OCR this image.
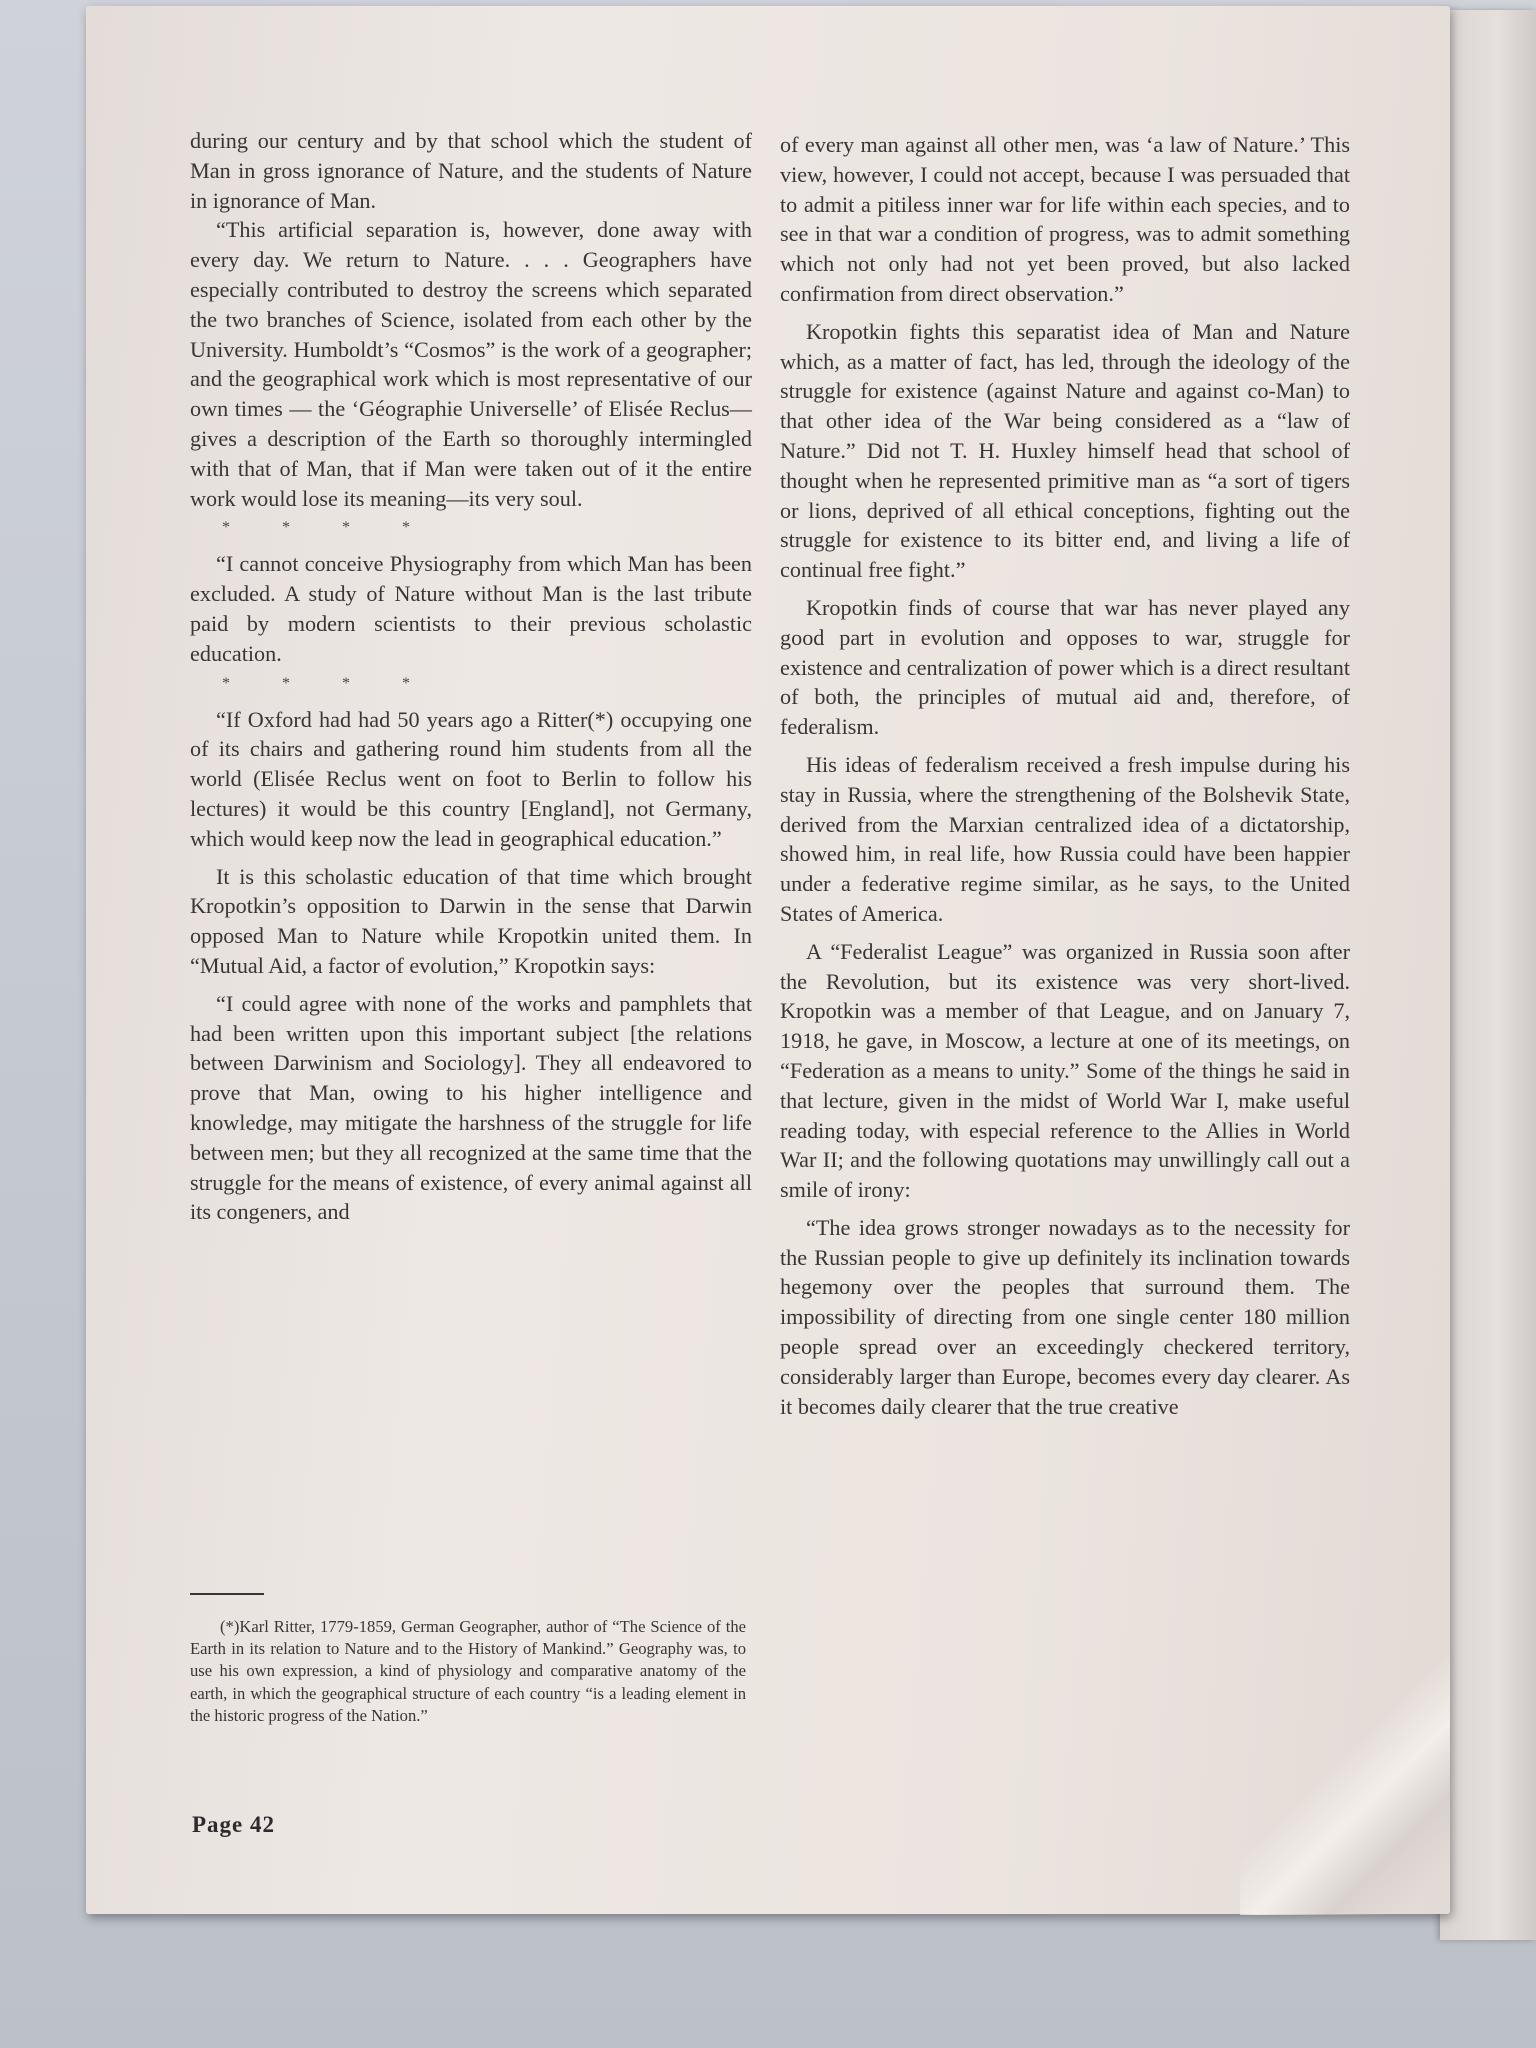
during our century and by that school which the student of Man in gross ignorance of Nature, and the students of Nature in ignorance of Man.

“This artificial separation is, however, done away with every day. We return to Nature. . . . Geographers have especially contributed to destroy the screens which separated the two branches of Science, isolated from each other by the University. Humboldt’s “Cosmos” is the work of a geographer; and the geographical work which is most representative of our own times — the ‘Géographie Universelle’ of Elisée Reclus—gives a description of the Earth so thoroughly intermingled with that of Man, that if Man were taken out of it the entire work would lose its meaning—its very soul.

* * * *

“I cannot conceive Physiography from which Man has been excluded. A study of Nature without Man is the last tribute paid by modern scientists to their previous scholastic education.

* * * *

“If Oxford had had 50 years ago a Ritter(*) occupying one of its chairs and gathering round him students from all the world (Elisée Reclus went on foot to Berlin to follow his lectures) it would be this country [England], not Germany, which would keep now the lead in geographical education.”

It is this scholastic education of that time which brought Kropotkin’s opposition to Darwin in the sense that Darwin opposed Man to Nature while Kropotkin united them. In “Mutual Aid, a factor of evolution,” Kropotkin says:

“I could agree with none of the works and pamphlets that had been written upon this important subject [the relations between Darwinism and Sociology]. They all endeavored to prove that Man, owing to his higher intelligence and knowledge, may mitigate the harshness of the struggle for life between men; but they all recognized at the same time that the struggle for the means of existence, of every animal against all its congeners, and

(*)Karl Ritter, 1779-1859, German Geographer, author of “The Science of the Earth in its relation to Nature and to the History of Mankind.” Geography was, to use his own expression, a kind of physiology and comparative anatomy of the earth, in which the geographical structure of each country “is a leading element in the historic progress of the Nation.”

Page 42

of every man against all other men, was ‘a law of Nature.’ This view, however, I could not accept, because I was persuaded that to admit a pitiless inner war for life within each species, and to see in that war a condition of progress, was to admit something which not only had not yet been proved, but also lacked confirmation from direct observation.”

Kropotkin fights this separatist idea of Man and Nature which, as a matter of fact, has led, through the ideology of the struggle for existence (against Nature and against co-Man) to that other idea of the War being considered as a “law of Nature.” Did not T. H. Huxley himself head that school of thought when he represented primitive man as “a sort of tigers or lions, deprived of all ethical conceptions, fighting out the struggle for existence to its bitter end, and living a life of continual free fight.”

Kropotkin finds of course that war has never played any good part in evolution and opposes to war, struggle for existence and centralization of power which is a direct resultant of both, the principles of mutual aid and, therefore, of federalism.

His ideas of federalism received a fresh impulse during his stay in Russia, where the strengthening of the Bolshevik State, derived from the Marxian centralized idea of a dictatorship, showed him, in real life, how Russia could have been happier under a federative regime similar, as he says, to the United States of America.

A “Federalist League” was organized in Russia soon after the Revolution, but its existence was very short-lived. Kropotkin was a member of that League, and on January 7, 1918, he gave, in Moscow, a lecture at one of its meetings, on “Federation as a means to unity.” Some of the things he said in that lecture, given in the midst of World War I, make useful reading today, with especial reference to the Allies in World War II; and the following quotations may unwillingly call out a smile of irony:

“The idea grows stronger nowadays as to the necessity for the Russian people to give up definitely its inclination towards hegemony over the peoples that surround them. The impossibility of directing from one single center 180 million people spread over an exceedingly checkered territory, considerably larger than Europe, becomes every day clearer. As it becomes daily clearer that the true creative
